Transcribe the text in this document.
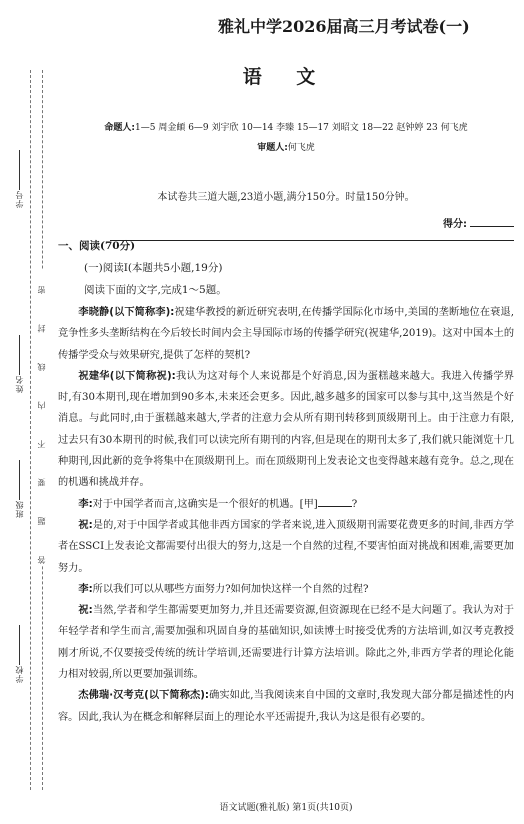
学号
姓名
班级
学校
答 题 要 不 内 线 封 密
雅礼中学2026届高三月考试卷(一)
语 文
命题人:1—5 周金頔 6—9 刘宇欣 10—14 李臻 15—17 刘昭文 18—22 赵钟婷 23 何飞虎
审题人:何飞虎
本试卷共三道大题,23道小题,满分150分。时量150分钟。
得分:
一、阅读(70分)
(一)阅读Ⅰ(本题共5小题,19分)
阅读下面的文字,完成1～5题。

李晓静(以下简称李):祝建华教授的新近研究表明,在传播学国际化市场中,美国的垄断地位在衰退,竞争性多头垄断结构在今后较长时间内会主导国际市场的传播学研究(祝建华,2019)。这对中国本土的传播学受众与效果研究,提供了怎样的契机?

祝建华(以下简称祝):我认为这对每个人来说都是个好消息,因为蛋糕越来越大。我进入传播学界时,有30本期刊,现在增加到90多本,未来还会更多。因此,越多越多的国家可以参与其中,这当然是个好消息。与此同时,由于蛋糕越来越大,学者的注意力会从所有期刊转移到顶级期刊上。由于注意力有限,过去只有30本期刊的时候,我们可以读完所有期刊的内容,但是现在的期刊太多了,我们就只能浏览十几种期刊,因此新的竞争将集中在顶级期刊上。而在顶级期刊上发表论文也变得越来越有竞争。总之,现在的机遇和挑战并存。

李:对于中国学者而言,这确实是一个很好的机遇。[甲]	?

祝:是的,对于中国学者或其他非西方国家的学者来说,进入顶级期刊需要花费更多的时间,非西方学者在SSCI上发表论文都需要付出很大的努力,这是一个自然的过程,不要害怕面对挑战和困难,需要更加努力。

李:所以我们可以从哪些方面努力?如何加快这样一个自然的过程?

祝:当然,学者和学生都需要更加努力,并且还需要资源,但资源现在已经不是大问题了。我认为对于年轻学者和学生而言,需要加强和巩固自身的基础知识,如读博士时接受优秀的方法培训,如汉考克教授刚才所说,不仅要接受传统的统计学培训,还需要进行计算方法培训。除此之外,非西方学者的理论化能力相对较弱,所以更要加强训练。

杰佛瑞·汉考克(以下简称杰):确实如此,当我阅读来自中国的文章时,我发现大部分都是描述性的内容。因此,我认为在概念和解释层面上的理论水平还需提升,我认为这是很有必要的。

语文试题(雅礼版) 第1页(共10页)
